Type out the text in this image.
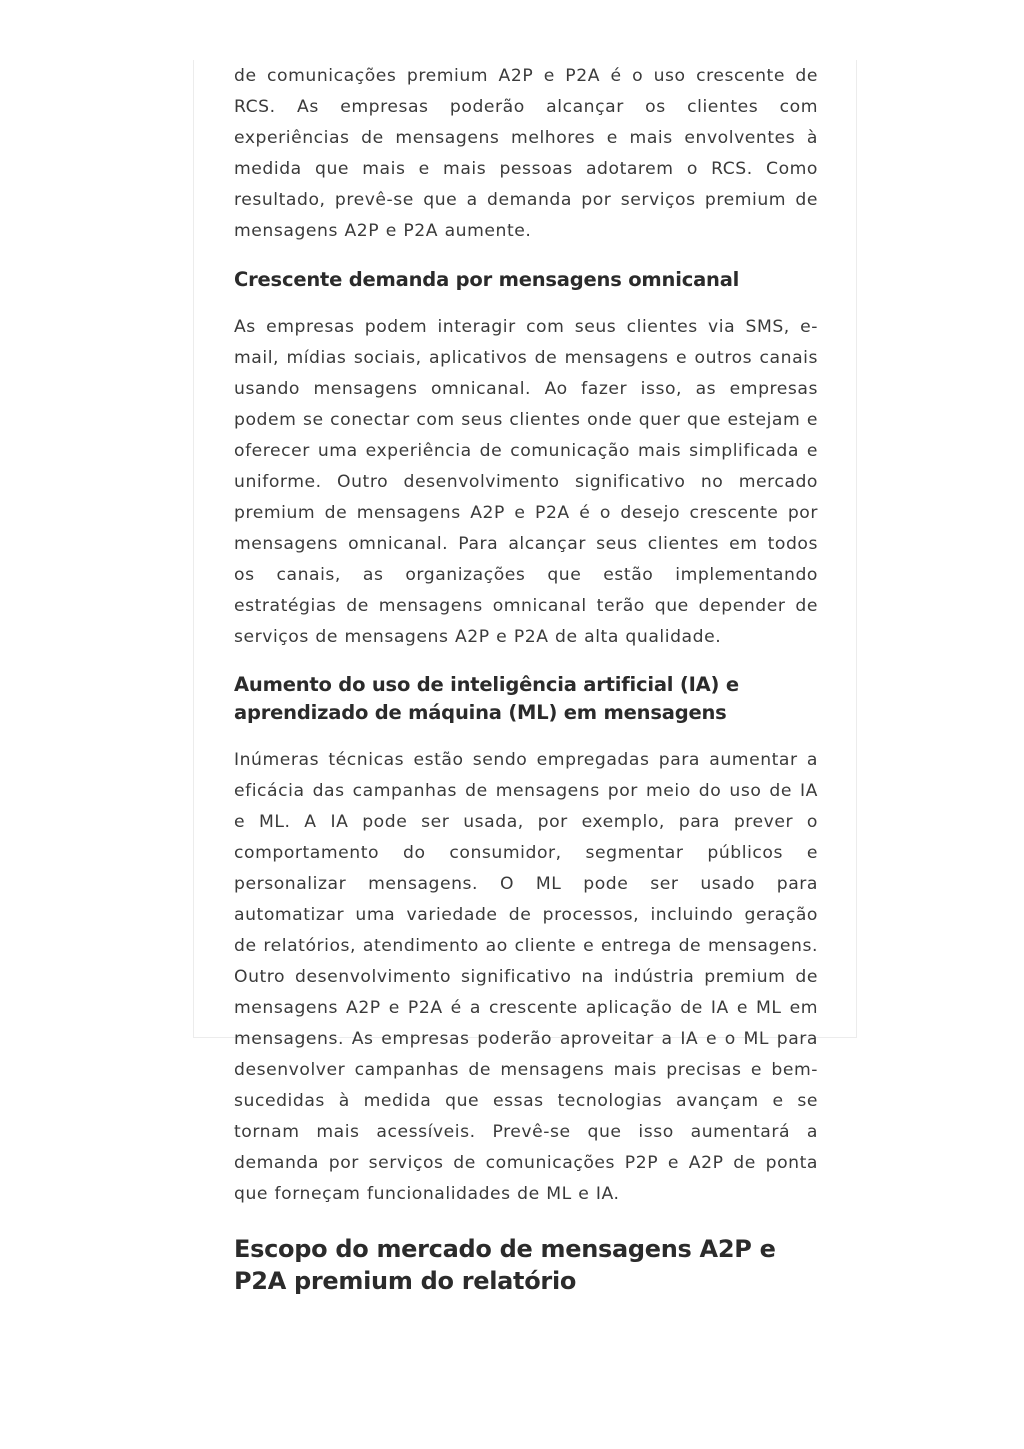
de comunicações premium A2P e P2A é o uso crescente de RCS. As empresas poderão alcançar os clientes com experiências de mensagens melhores e mais envolventes à medida que mais e mais pessoas adotarem o RCS. Como resultado, prevê-se que a demanda por serviços premium de mensagens A2P e P2A aumente.

Crescente demanda por mensagens omnicanal

As empresas podem interagir com seus clientes via SMS, e-mail, mídias sociais, aplicativos de mensagens e outros canais usando mensagens omnicanal. Ao fazer isso, as empresas podem se conectar com seus clientes onde quer que estejam e oferecer uma experiência de comunicação mais simplificada e uniforme. Outro desenvolvimento significativo no mercado premium de mensagens A2P e P2A é o desejo crescente por mensagens omnicanal. Para alcançar seus clientes em todos os canais, as organizações que estão implementando estratégias de mensagens omnicanal terão que depender de serviços de mensagens A2P e P2A de alta qualidade.

Aumento do uso de inteligência artificial (IA) e aprendizado de máquina (ML) em mensagens

Inúmeras técnicas estão sendo empregadas para aumentar a eficácia das campanhas de mensagens por meio do uso de IA e ML. A IA pode ser usada, por exemplo, para prever o comportamento do consumidor, segmentar públicos e personalizar mensagens. O ML pode ser usado para automatizar uma variedade de processos, incluindo geração de relatórios, atendimento ao cliente e entrega de mensagens. Outro desenvolvimento significativo na indústria premium de mensagens A2P e P2A é a crescente aplicação de IA e ML em mensagens. As empresas poderão aproveitar a IA e o ML para desenvolver campanhas de mensagens mais precisas e bem-sucedidas à medida que essas tecnologias avançam e se tornam mais acessíveis. Prevê-se que isso aumentará a demanda por serviços de comunicações P2P e A2P de ponta que forneçam funcionalidades de ML e IA.

Escopo do mercado de mensagens A2P e P2A premium do relatório
